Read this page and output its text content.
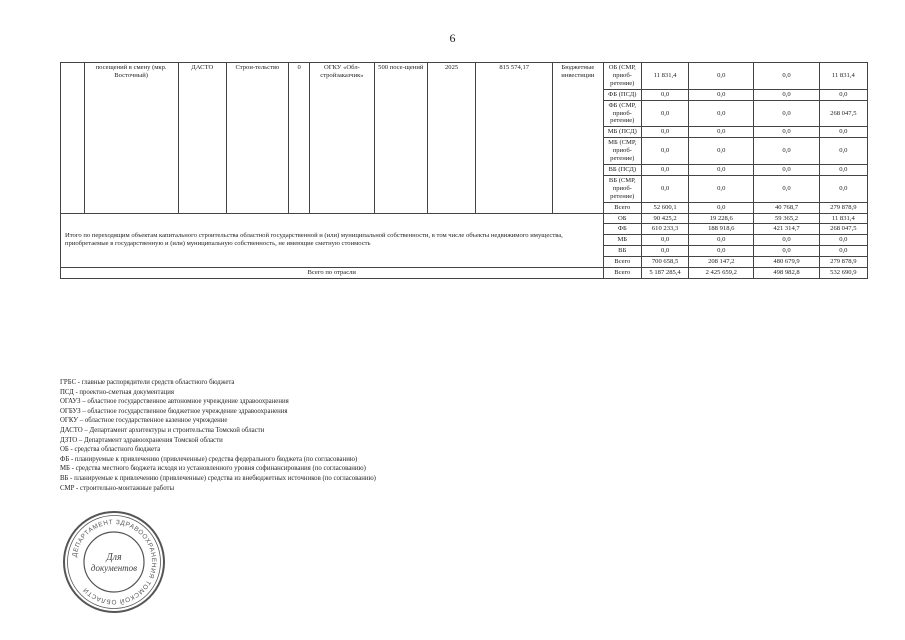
6
	посещений в смену (мкр. Восточный)	ДАСТО	Строи-тельство	0	ОГКУ «Обл-стройзаказчик»	500 посе-щений	2025	815 574,17	Бюджетные инвестиции	ОБ (СМР, приоб-ретение)	11 831,4	0,0	0,0	11 831,4
										ФБ (ПСД)	0,0	0,0	0,0	0,0
										ФБ (СМР, приоб-ретение)	0,0	0,0	0,0	268 047,5
										МБ (ПСД)	0,0	0,0	0,0	0,0
										МБ (СМР, приоб-ретение)	0,0	0,0	0,0	0,0
										ВБ (ПСД)	0,0	0,0	0,0	0,0
										ВБ (СМР, приоб-ретение)	0,0	0,0	0,0	0,0
										Всего	52 600,1	0,0	40 768,7	279 878,9
Итого по переходящим объектам капитального строительства областной государственной и (или) муниципальной собственности, в том числе объекты недвижимого имущества, приобретаемые в государственную и (или) муниципальную собственность, не имеющие сметную стоимость										ОБ	90 425,2	19 228,6	59 365,2	11 831,4
										ФБ	610 233,3	188 918,6	421 314,7	268 047,5
										МБ	0,0	0,0	0,0	0,0
										ВБ	0,0	0,0	0,0	0,0
										Всего	700 658,5	208 147,2	480 679,9	279 878,9
Всего по отрасли										Всего	5 187 285,4	2 425 659,2	498 982,8	532 690,9
ГРБС - главные распорядители средств областного бюджета
ПСД - проектно-сметная документация
ОГАУЗ – областное государственное автономное учреждение здравоохранения
ОГБУЗ – областное государственное бюджетное учреждение здравоохранения
ОГКУ – областное государственное казенное учреждение
ДАСТО – Департамент архитектуры и строительства Томской области
ДЗТО – Департамент здравоохранения Томской области
ОБ - средства областного бюджета
ФБ - планируемые к привлечению (привлеченные) средства федерального бюджета (по согласованию)
МБ - средства местного бюджета исходя из установленного уровня софинансирования (по согласованию)
ВБ - планируемые к привлечению (привлеченные) средства из внебюджетных источников (по согласованию)
СМР - строительно-монтажные работы
ДЕПАРТАМЕНТ ЗДРАВООХРАНЕНИЯ ТОМСКОЙ ОБЛАСТИ
Для
документов
